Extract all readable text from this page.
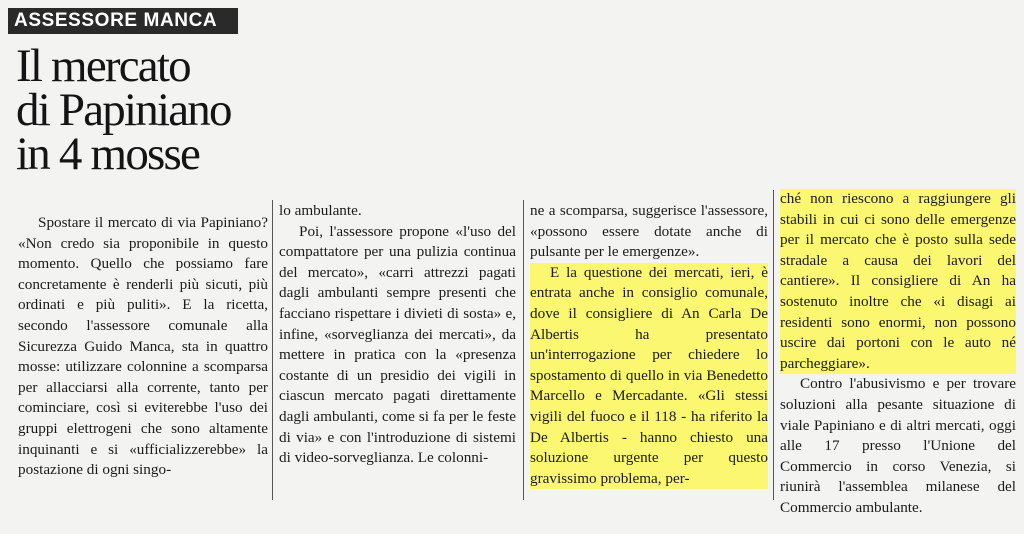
ASSESSORE MANCA
Il mercato
di Papiniano
in 4 mosse

Spostare il mercato di via Papiniano? «Non credo sia proponibile in questo momento. Quello che possiamo fare concretamente è renderli più sicuti, più ordinati e più puliti». E la ricetta, secondo l'assessore comunale alla Sicurezza Guido Manca, sta in quattro mosse: utilizzare colonnine a scomparsa per allacciarsi alla corrente, tanto per cominciare, così si eviterebbe l'uso dei gruppi elettrogeni che sono altamente inquinanti e si «ufficializzerebbe» la postazione di ogni singo-

lo ambulante.

Poi, l'assessore propone «l'uso del compattatore per una pulizia continua del mercato», «carri attrezzi pagati dagli ambulanti sempre presenti che facciano rispettare i divieti di sosta» e, infine, «sorveglianza dei mercati», da mettere in pratica con la «presenza costante di un presidio dei vigili in ciascun mercato pagati direttamente dagli ambulanti, come si fa per le feste di via» e con l'introduzione di sistemi di video-sorveglianza. Le colonni-

ne a scomparsa, suggerisce l'assessore, «possono essere dotate anche di pulsante per le emergenze».

E la questione dei mercati, ieri, è entrata anche in consiglio comunale, dove il consigliere di An Carla De Albertis ha presentato un'interrogazione per chiedere lo spostamento di quello in via Benedetto Marcello e Mercadante. «Gli stessi vigili del fuoco e il 118 - ha riferito la De Albertis - hanno chiesto una soluzione urgente per questo gravissimo problema, per-

ché non riescono a raggiungere gli stabili in cui ci sono delle emergenze per il mercato che è posto sulla sede stradale a causa dei lavori del cantiere». Il consigliere di An ha sostenuto inoltre che «i disagi ai residenti sono enormi, non possono uscire dai portoni con le auto né parcheggiare».

Contro l'abusivismo e per trovare soluzioni alla pesante situazione di viale Papiniano e di altri mercati, oggi alle 17 presso l'Unione del Commercio in corso Venezia, si riunirà l'assemblea milanese del Commercio ambulante.
